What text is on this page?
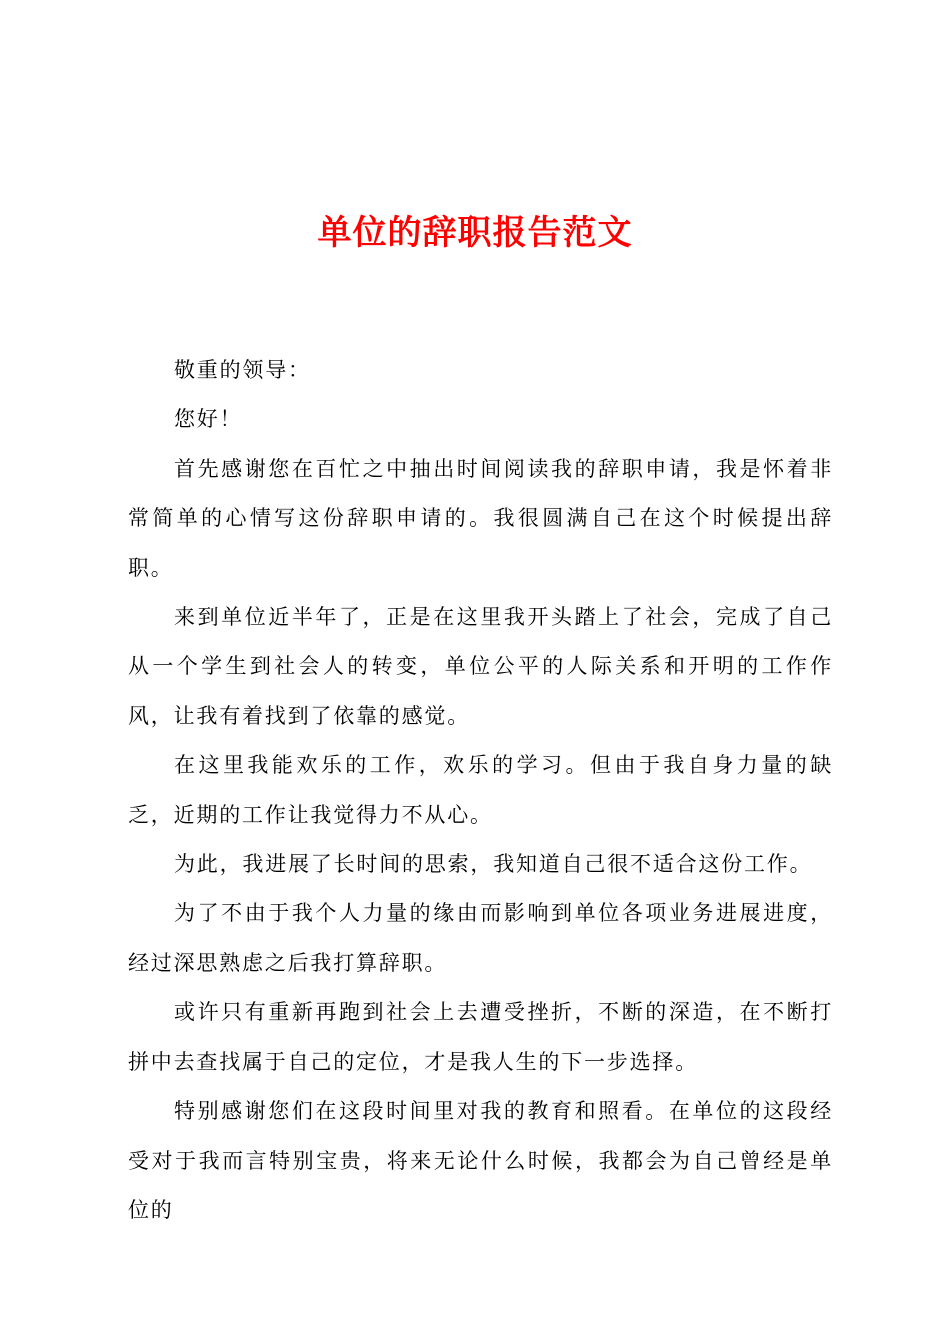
单位的辞职报告范文

敬重的领导：

您好！

首先感谢您在百忙之中抽出时间阅读我的辞职申请，我是怀着非常简单的心情写这份辞职申请的。我很圆满自己在这个时候提出辞职。

来到单位近半年了，正是在这里我开头踏上了社会，完成了自己从一个学生到社会人的转变，单位公平的人际关系和开明的工作作风，让我有着找到了依靠的感觉。

在这里我能欢乐的工作，欢乐的学习。但由于我自身力量的缺乏，近期的工作让我觉得力不从心。

为此，我进展了长时间的思索，我知道自己很不适合这份工作。

为了不由于我个人力量的缘由而影响到单位各项业务进展进度，经过深思熟虑之后我打算辞职。

或许只有重新再跑到社会上去遭受挫折，不断的深造，在不断打拼中去查找属于自己的定位，才是我人生的下一步选择。

特别感谢您们在这段时间里对我的教育和照看。在单位的这段经受对于我而言特别宝贵，将来无论什么时候，我都会为自己曾经是单位的
